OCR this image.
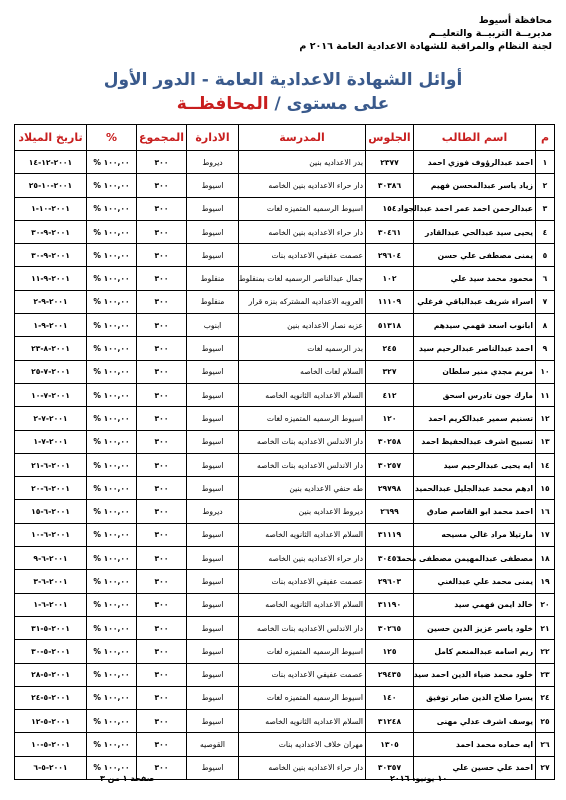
محافظة أسيوط
مديريــة التربيــة والتعليــم
لجنة النظام والمراقبة للشهادة الاعدادية العامة ٢٠١٦ م
أوائل الشهادة الاعدادية العامة - الدور الأول
على مستوى / المحافظــة
م	اسم الطالب	الجلوس	المدرسة	الادارة	المجموع	%	تاريخ الميلاد
١	احمد عبدالرؤوف فوزي احمد	٢٣٧٧	بدر الاعداديه بنين	ديروط	٣٠٠	١٠٠,٠٠ %	٢٠٠١-١٢-١٤
٢	زياد ياسر عبدالمحسن فهيم	٣٠٣٨٦	دار حراء الاعداديه بنين الخاصه	اسيوط	٣٠٠	١٠٠,٠٠ %	٢٠٠١-١٠-٢٥
٣	عبدالرحمن احمد عمر احمد عبدالجواد	١٥٤	اسيوط الرسميه المتميزه لغات	اسيوط	٣٠٠	١٠٠,٠٠ %	٢٠٠١-١٠-١
٤	يحيى سيد عبدالحي عبدالقادر	٣٠٤٦١	دار حراء الاعداديه بنين الخاصه	اسيوط	٣٠٠	١٠٠,٠٠ %	٢٠٠١-٩-٣٠
٥	يمنى مصطفى علي حسن	٢٩٦٠٤	عصمت عفيفي الاعداديه بنات	اسيوط	٣٠٠	١٠٠,٠٠ %	٢٠٠١-٩-٣٠
٦	محمود محمد سيد علي	١٠٢	جمال عبدالناصر الرسميه لغات بمنفلوط	منفلوط	٣٠٠	١٠٠,٠٠ %	٢٠٠١-٩-١١
٧	اسراء شريف عبدالباقي فرغلي	١١١٠٩	العروبه الاعداديه المشتركه بنزه قرار	منفلوط	٣٠٠	١٠٠,٠٠ %	٢٠٠١-٩-٢
٨	ابانوب اسعد فهمي سيدهم	٥١٣١٨	عزبه نصار الاعداديه بنين	ابنوب	٣٠٠	١٠٠,٠٠ %	٢٠٠١-٩-١
٩	احمد عبدالناصر عبدالرحيم سيد	٢٤٥	بدر الرسميه لغات	اسيوط	٣٠٠	١٠٠,٠٠ %	٢٠٠١-٨-٢٣
١٠	مريم مجدي منير سلطان	٣٢٧	السلام لغات الخاصه	اسيوط	٣٠٠	١٠٠,٠٠ %	٢٠٠١-٧-٢٥
١١	مارك جون تادرس اسحق	٤١٢	السلام الاعداديه الثانويه الخاصه	اسيوط	٣٠٠	١٠٠,٠٠ %	٢٠٠١-٧-١٠
١٢	تسنيم سمير عبدالكريم احمد	١٢٠	اسيوط الرسميه المتميزه لغات	اسيوط	٣٠٠	١٠٠,٠٠ %	٢٠٠١-٧-٢
١٣	تسبيح اشرف عبدالحفيظ احمد	٣٠٢٥٨	دار الاندلس الاعداديه بنات الخاصه	اسيوط	٣٠٠	١٠٠,٠٠ %	٢٠٠١-٧-١
١٤	ايه يحيى عبدالرحيم سيد	٣٠٢٥٧	دار الاندلس الاعداديه بنات الخاصه	اسيوط	٣٠٠	١٠٠,٠٠ %	٢٠٠١-٦-٢١
١٥	ادهم محمد عبدالجليل عبدالحميد	٢٩٧٩٨	طه حنفي الاعداديه بنين	اسيوط	٣٠٠	١٠٠,٠٠ %	٢٠٠١-٦-٢٠
١٦	احمد محمد ابو القاسم صادق	٢٦٩٩	ديروط الاعداديه بنين	ديروط	٣٠٠	١٠٠,٠٠ %	٢٠٠١-٦-١٥
١٧	مارتيلا مراد غالي مسيحه	٣١١١٩	السلام الاعداديه الثانويه الخاصه	اسيوط	٣٠٠	١٠٠,٠٠ %	٢٠٠١-٦-١٠
١٨	مصطفى عبدالمهيمن مصطفى محمد	٣٠٤٥٦	دار حراء الاعداديه بنين الخاصه	اسيوط	٣٠٠	١٠٠,٠٠ %	٢٠٠١-٦-٩
١٩	يمنى محمد علي عبدالغني	٢٩٦٠٣	عصمت عفيفي الاعداديه بنات	اسيوط	٣٠٠	١٠٠,٠٠ %	٢٠٠١-٦-٣
٢٠	خالد ايمن فهمي سيد	٣١١٩٠	السلام الاعداديه الثانويه الخاصه	اسيوط	٣٠٠	١٠٠,٠٠ %	٢٠٠١-٦-١
٢١	خلود ياسر عزيز الدين حسين	٣٠٢٦٥	دار الاندلس الاعداديه بنات الخاصه	اسيوط	٣٠٠	١٠٠,٠٠ %	٢٠٠١-٥-٣١
٢٢	ريم اسامه عبدالمنعم كامل	١٢٥	اسيوط الرسميه المتميزه لغات	اسيوط	٣٠٠	١٠٠,٠٠ %	٢٠٠١-٥-٣٠
٢٣	خلود محمد ضياء الدين احمد سيد	٢٩٤٣٥	عصمت عفيفي الاعداديه بنات	اسيوط	٣٠٠	١٠٠,٠٠ %	٢٠٠١-٥-٢٨
٢٤	يسرا صلاح الدين صابر توفيق	١٤٠	اسيوط الرسميه المتميزه لغات	اسيوط	٣٠٠	١٠٠,٠٠ %	٢٠٠١-٥-٢٤
٢٥	يوسف اشرف عدلي مهنى	٣١٢٤٨	السلام الاعداديه الثانويه الخاصه	اسيوط	٣٠٠	١٠٠,٠٠ %	٢٠٠١-٥-١٢
٢٦	ايه حماده محمد احمد	١٣٠٥	مهران خلاف الاعداديه بنات	القوصيه	٣٠٠	١٠٠,٠٠ %	٢٠٠١-٥-١٠
٢٧	احمد علي حسين علي	٣٠٣٥٧	دار حراء الاعداديه بنين الخاصه	اسيوط	٣٠٠	١٠٠,٠٠ %	٢٠٠١-٥-٦
صفحة ١ من ٣	١٠ يونيو، ٢٠١٦
